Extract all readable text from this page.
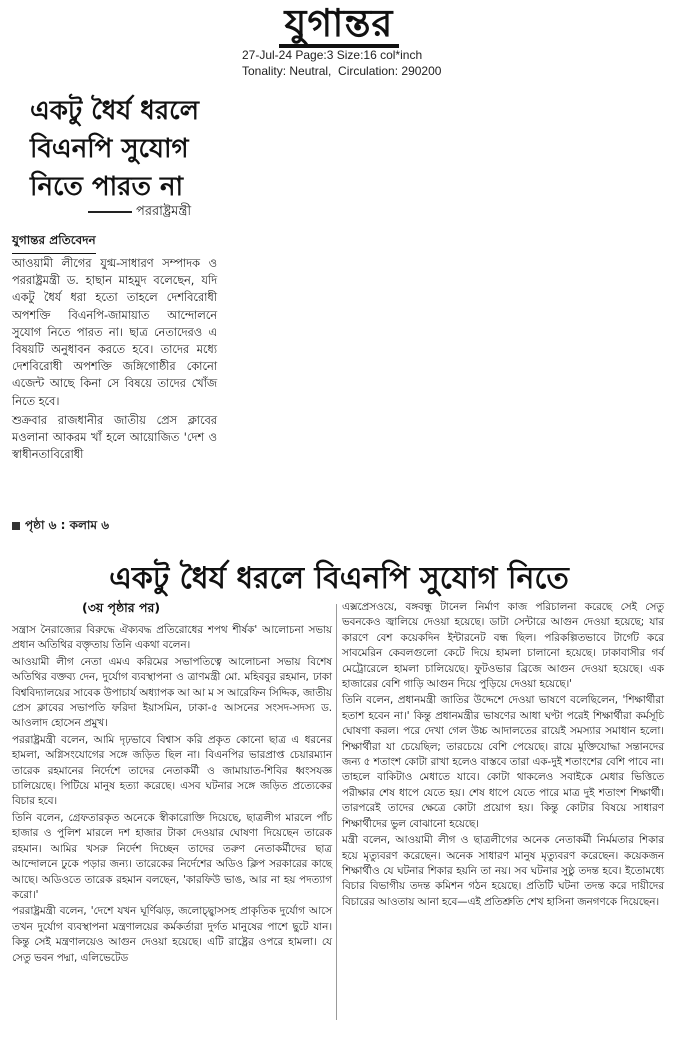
যুগান্তর
27-Jul-24 Page:3 Size:16 col*inch
Tonality: Neutral,  Circulation: 290200
একটু ধৈর্য ধরলে
বিএনপি সুযোগ
নিতে পারত না
পররাষ্ট্রমন্ত্রী
যুগান্তর প্রতিবেদন

আওয়ামী লীগের যুগ্ম-সাধারণ সম্পাদক ও পররাষ্ট্রমন্ত্রী ড. হাছান মাহমুদ বলেছেন, যদি একটু ধৈর্য ধরা হতো তাহলে দেশবিরোধী অপশক্তি বিএনপি-জামায়াত আন্দোলনে সুযোগ নিতে পারত না। ছাত্র নেতাদেরও এ বিষয়টি অনুধাবন করতে হবে। তাদের মধ্যে দেশবিরোধী অপশক্তি জঙ্গিগোষ্ঠীর কোনো এজেন্ট আছে কিনা সে বিষয়ে তাদের খোঁজ নিতে হবে।

শুক্রবার রাজধানীর জাতীয় প্রেস ক্লাবের মওলানা আকরম খাঁ হলে আয়োজিত 'দেশ ও স্বাধীনতাবিরোধী

পৃষ্ঠা ৬ : কলাম ৬
একটু ধৈর্য ধরলে বিএনপি সুযোগ নিতে
(৩য় পৃষ্ঠার পর)

সন্ত্রাস নৈরাজ্যের বিরুদ্ধে ঐক্যবদ্ধ প্রতিরোধের শপথ শীর্ষক' আলোচনা সভায় প্রধান অতিথির বক্তৃতায় তিনি একথা বলেন।

আওয়ামী লীগ নেতা এমএ করিমের সভাপতিত্বে আলোচনা সভায় বিশেষ অতিথির বক্তব্য দেন, দুর্যোগ ব্যবস্থাপনা ও ত্রাণমন্ত্রী মো. মহিববুর রহমান, ঢাকা বিশ্ববিদ্যালয়ের সাবেক উপাচার্য অধ্যাপক আ আ ম স আরেফিন সিদ্দিক, জাতীয় প্রেস ক্লাবের সভাপতি ফরিদা ইয়াসমিন, ঢাকা-৫ আসনের সংসদ-সদস্য ড. আওলাদ হোসেন প্রমুখ।

পররাষ্ট্রমন্ত্রী বলেন, আমি দৃঢ়ভাবে বিশ্বাস করি প্রকৃত কোনো ছাত্র এ ধরনের হামলা, অগ্নিসংযোগের সঙ্গে জড়িত ছিল না। বিএনপির ভারপ্রাপ্ত চেয়ারম্যান তারেক রহমানের নির্দেশে তাদের নেতাকর্মী ও জামায়াত-শিবির ধ্বংসযজ্ঞ চালিয়েছে। পিটিয়ে মানুষ হত্যা করেছে। এসব ঘটনার সঙ্গে জড়িত প্রত্যেকের বিচার হবে।

তিনি বলেন, গ্রেফতারকৃত অনেকে স্বীকারোক্তি দিয়েছে, ছাত্রলীগ মারলে পাঁচ হাজার ও পুলিশ মারলে দশ হাজার টাকা দেওয়ার ঘোষণা দিয়েছেন তারেক রহমান। আমির খসরু নির্দেশ দিচ্ছেন তাদের তরুণ নেতাকর্মীদের ছাত্র আন্দোলনে ঢুকে পড়ার জন্য। তারেকের নির্দেশের অডিও ক্লিপ সরকারের কাছে আছে। অডিওতে তারেক রহমান বলছেন, 'কারফিউ ভাঙ, আর না হয় পদত্যাগ করো।'

পররাষ্ট্রমন্ত্রী বলেন, 'দেশে যখন ঘূর্ণিঝড়, জলোচ্ছ্বাসসহ প্রাকৃতিক দুর্যোগ আসে তখন দুর্যোগ ব্যবস্থাপনা মন্ত্রণালয়ের কর্মকর্তারা দুর্গত মানুষের পাশে ছুটে যান। কিন্তু সেই মন্ত্রণালয়েও আগুন দেওয়া হয়েছে। এটি রাষ্ট্রের ওপরে হামলা। যে সেতু ভবন পদ্মা, এলিভেটেড

এক্সপ্রেসওয়ে, বঙ্গবন্ধু টানেল নির্মাণ কাজ পরিচালনা করেছে সেই সেতু ভবনকেও জ্বালিয়ে দেওয়া হয়েছে। ডাটা সেন্টারে আগুন দেওয়া হয়েছে; যার কারণে বেশ কয়েকদিন ইন্টারনেট বন্ধ ছিল। পরিকল্পিতভাবে টার্গেট করে সাবমেরিন কেবলগুলো কেটে দিয়ে হামলা চালানো হয়েছে। ঢাকাবাসীর গর্ব মেট্রোরেলে হামলা চালিয়েছে। ফুটওভার ব্রিজে আগুন দেওয়া হয়েছে। এক হাজারের বেশি গাড়ি আগুন দিয়ে পুড়িয়ে দেওয়া হয়েছে।'

তিনি বলেন, প্রধানমন্ত্রী জাতির উদ্দেশে দেওয়া ভাষণে বলেছিলেন, 'শিক্ষার্থীরা হতাশ হবেন না।' কিন্তু প্রধানমন্ত্রীর ভাষণের আধা ঘণ্টা পরেই শিক্ষার্থীরা কর্মসূচি ঘোষণা করল। পরে দেখা গেল উচ্চ আদালতের রায়েই সমস্যার সমাধান হলো। শিক্ষার্থীরা যা চেয়েছিল; তারচেয়ে বেশি পেয়েছে। রায়ে মুক্তিযোদ্ধা সন্তানদের জন্য ৫ শতাংশ কোটা রাখা হলেও বাস্তবে তারা এক-দুই শতাংশের বেশি পাবে না। তাহলে বাকিটাও মেধাতে যাবে। কোটা থাকলেও সবাইকে মেধার ভিত্তিতে পরীক্ষার শেষ ধাপে যেতে হয়। শেষ ধাপে যেতে পারে মাত্র দুই শতাংশ শিক্ষার্থী। তারপরেই তাদের ক্ষেত্রে কোটা প্রয়োগ হয়। কিন্তু কোটার বিষয়ে সাধারণ শিক্ষার্থীদের ভুল বোঝানো হয়েছে।

মন্ত্রী বলেন, আওয়ামী লীগ ও ছাত্রলীগের অনেক নেতাকর্মী নির্মমতার শিকার হয়ে মৃত্যুবরণ করেছেন। অনেক সাধারণ মানুষ মৃত্যুবরণ করেছেন। কয়েকজন শিক্ষার্থীও যে ঘটনার শিকার হয়নি তা নয়। সব ঘটনার সুষ্ঠু তদন্ত হবে। ইতোমধ্যে বিচার বিভাগীয় তদন্ত কমিশন গঠন হয়েছে। প্রতিটি ঘটনা তদন্ত করে দায়ীদের বিচারের আওতায় আনা হবে—এই প্রতিশ্রুতি শেখ হাসিনা জনগণকে দিয়েছেন।
